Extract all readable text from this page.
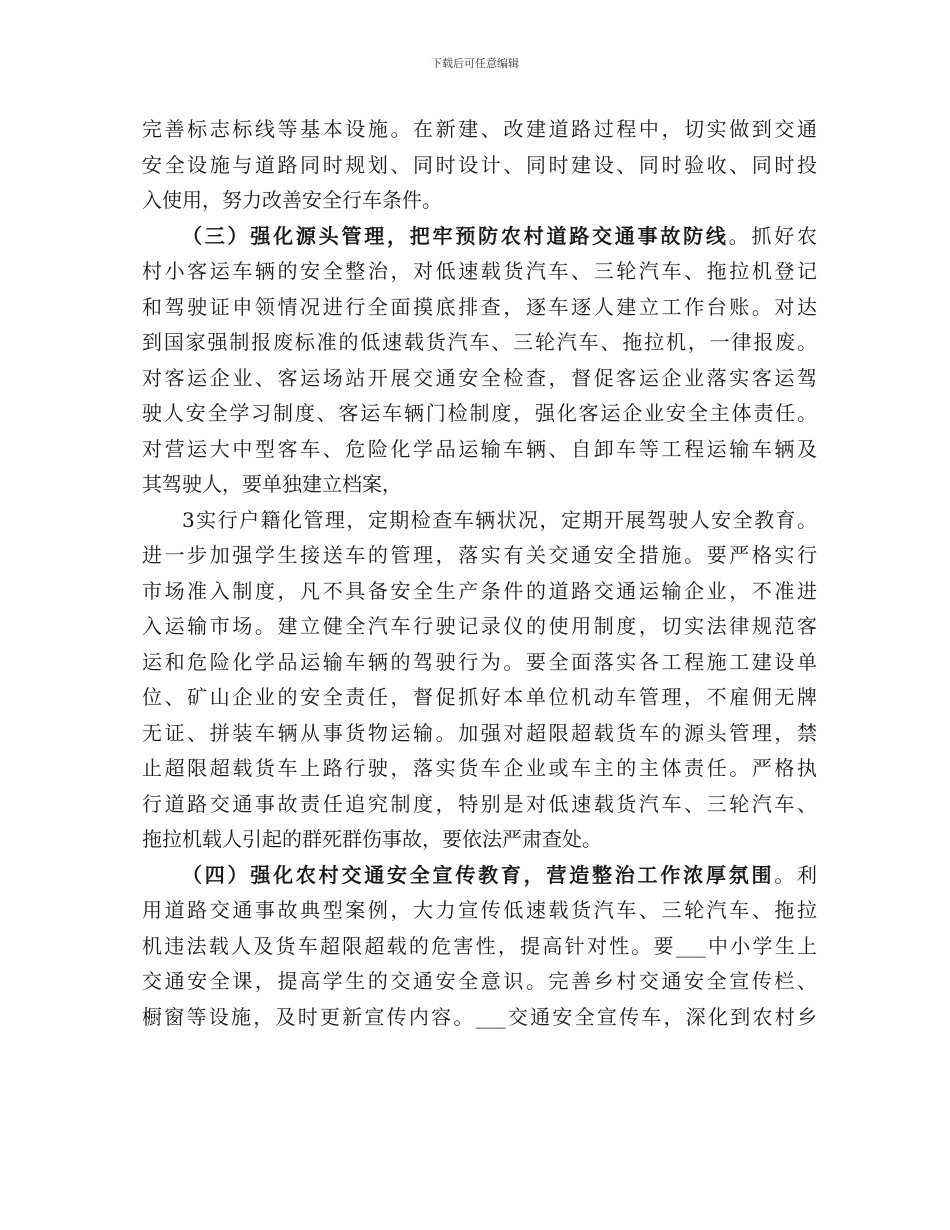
下载后可任意编辑
完善标志标线等基本设施。在新建、改建道路过程中，切实做到交通
安全设施与道路同时规划、同时设计、同时建设、同时验收、同时投
入使用，努力改善安全行车条件。
（三）强化源头管理，把牢预防农村道路交通事故防线。抓好农
村小客运车辆的安全整治，对低速载货汽车、三轮汽车、拖拉机登记
和驾驶证申领情况进行全面摸底排查，逐车逐人建立工作台账。对达
到国家强制报废标准的低速载货汽车、三轮汽车、拖拉机，一律报废。
对客运企业、客运场站开展交通安全检查，督促客运企业落实客运驾
驶人安全学习制度、客运车辆门检制度，强化客运企业安全主体责任。
对营运大中型客车、危险化学品运输车辆、自卸车等工程运输车辆及
其驾驶人，要单独建立档案，
3实行户籍化管理，定期检查车辆状况，定期开展驾驶人安全教育。
进一步加强学生接送车的管理，落实有关交通安全措施。要严格实行
市场准入制度，凡不具备安全生产条件的道路交通运输企业，不准进
入运输市场。建立健全汽车行驶记录仪的使用制度，切实法律规范客
运和危险化学品运输车辆的驾驶行为。要全面落实各工程施工建设单
位、矿山企业的安全责任，督促抓好本单位机动车管理，不雇佣无牌
无证、拼装车辆从事货物运输。加强对超限超载货车的源头管理，禁
止超限超载货车上路行驶，落实货车企业或车主的主体责任。严格执
行道路交通事故责任追究制度，特别是对低速载货汽车、三轮汽车、
拖拉机载人引起的群死群伤事故，要依法严肃查处。
（四）强化农村交通安全宣传教育，营造整治工作浓厚氛围。利
用道路交通事故典型案例，大力宣传低速载货汽车、三轮汽车、拖拉
机违法载人及货车超限超载的危害性，提高针对性。要___中小学生上
交通安全课，提高学生的交通安全意识。完善乡村交通安全宣传栏、
橱窗等设施，及时更新宣传内容。___交通安全宣传车，深化到农村乡
